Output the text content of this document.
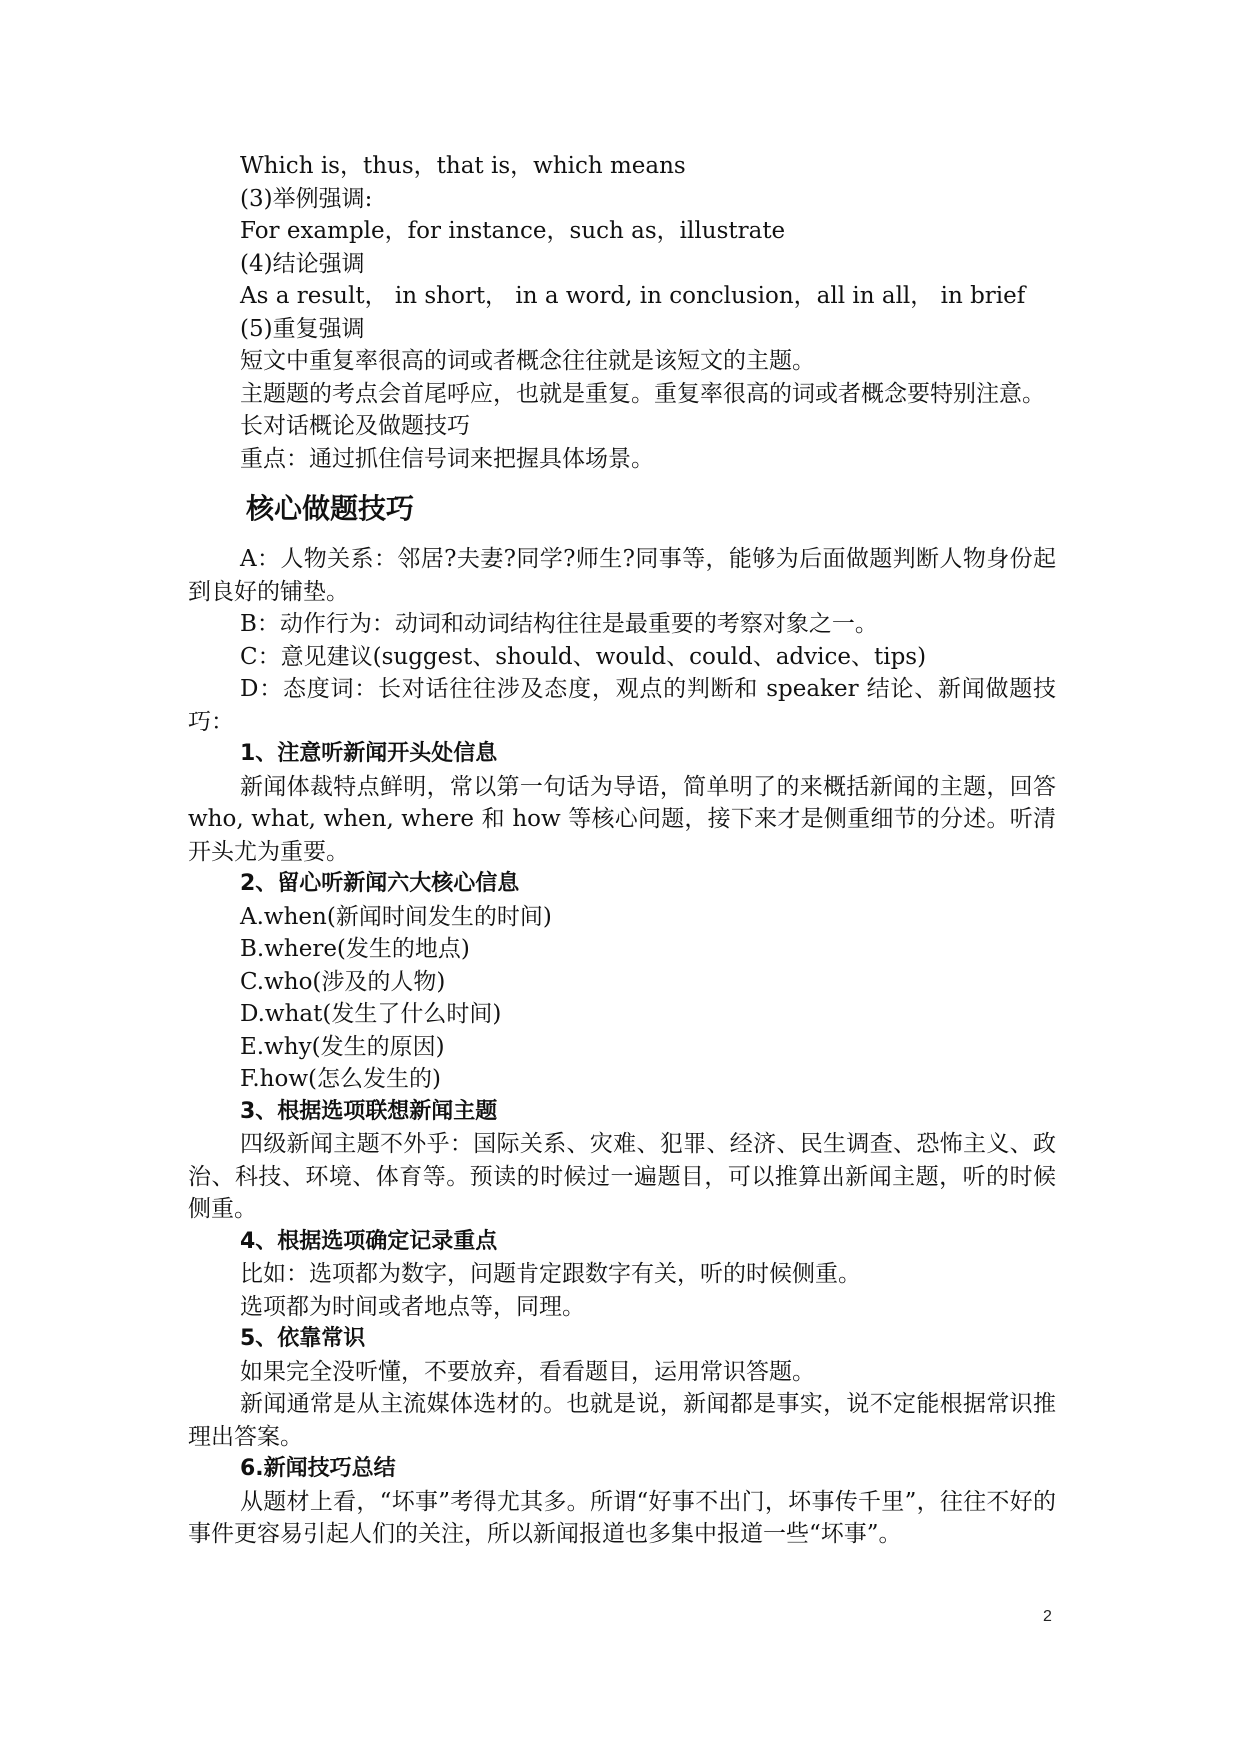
Which is，thus，that is，which means

(3)举例强调:

For example，for instance，such as，illustrate

(4)结论强调

As a result， in short， in a word, in conclusion，all in all， in brief

(5)重复强调

短文中重复率很高的词或者概念往往就是该短文的主题。

主题题的考点会首尾呼应，也就是重复。重复率很高的词或者概念要特别注意。

长对话概论及做题技巧

重点：通过抓住信号词来把握具体场景。

核心做题技巧

A：人物关系：邻居?夫妻?同学?师生?同事等，能够为后面做题判断人物身份起到良好的铺垫。

B：动作行为：动词和动词结构往往是最重要的考察对象之一。

C：意见建议(suggest、should、would、could、advice、tips)

D：态度词：长对话往往涉及态度，观点的判断和 speaker 结论、新闻做题技巧：

1、注意听新闻开头处信息

新闻体裁特点鲜明，常以第一句话为导语，简单明了的来概括新闻的主题，回答 who, what, when, where 和 how 等核心问题，接下来才是侧重细节的分述。听清开头尤为重要。

2、留心听新闻六大核心信息

A.when(新闻时间发生的时间)

B.where(发生的地点)

C.who(涉及的人物)

D.what(发生了什么时间)

E.why(发生的原因)

F.how(怎么发生的)

3、根据选项联想新闻主题

四级新闻主题不外乎：国际关系、灾难、犯罪、经济、民生调查、恐怖主义、政治、科技、环境、体育等。预读的时候过一遍题目，可以推算出新闻主题，听的时候侧重。

4、根据选项确定记录重点

比如：选项都为数字，问题肯定跟数字有关，听的时候侧重。

选项都为时间或者地点等，同理。

5、依靠常识

如果完全没听懂，不要放弃，看看题目，运用常识答题。

新闻通常是从主流媒体选材的。也就是说，新闻都是事实，说不定能根据常识推理出答案。

6.新闻技巧总结

从题材上看，“坏事”考得尤其多。所谓“好事不出门，坏事传千里”，往往不好的事件更容易引起人们的关注，所以新闻报道也多集中报道一些“坏事”。

2
